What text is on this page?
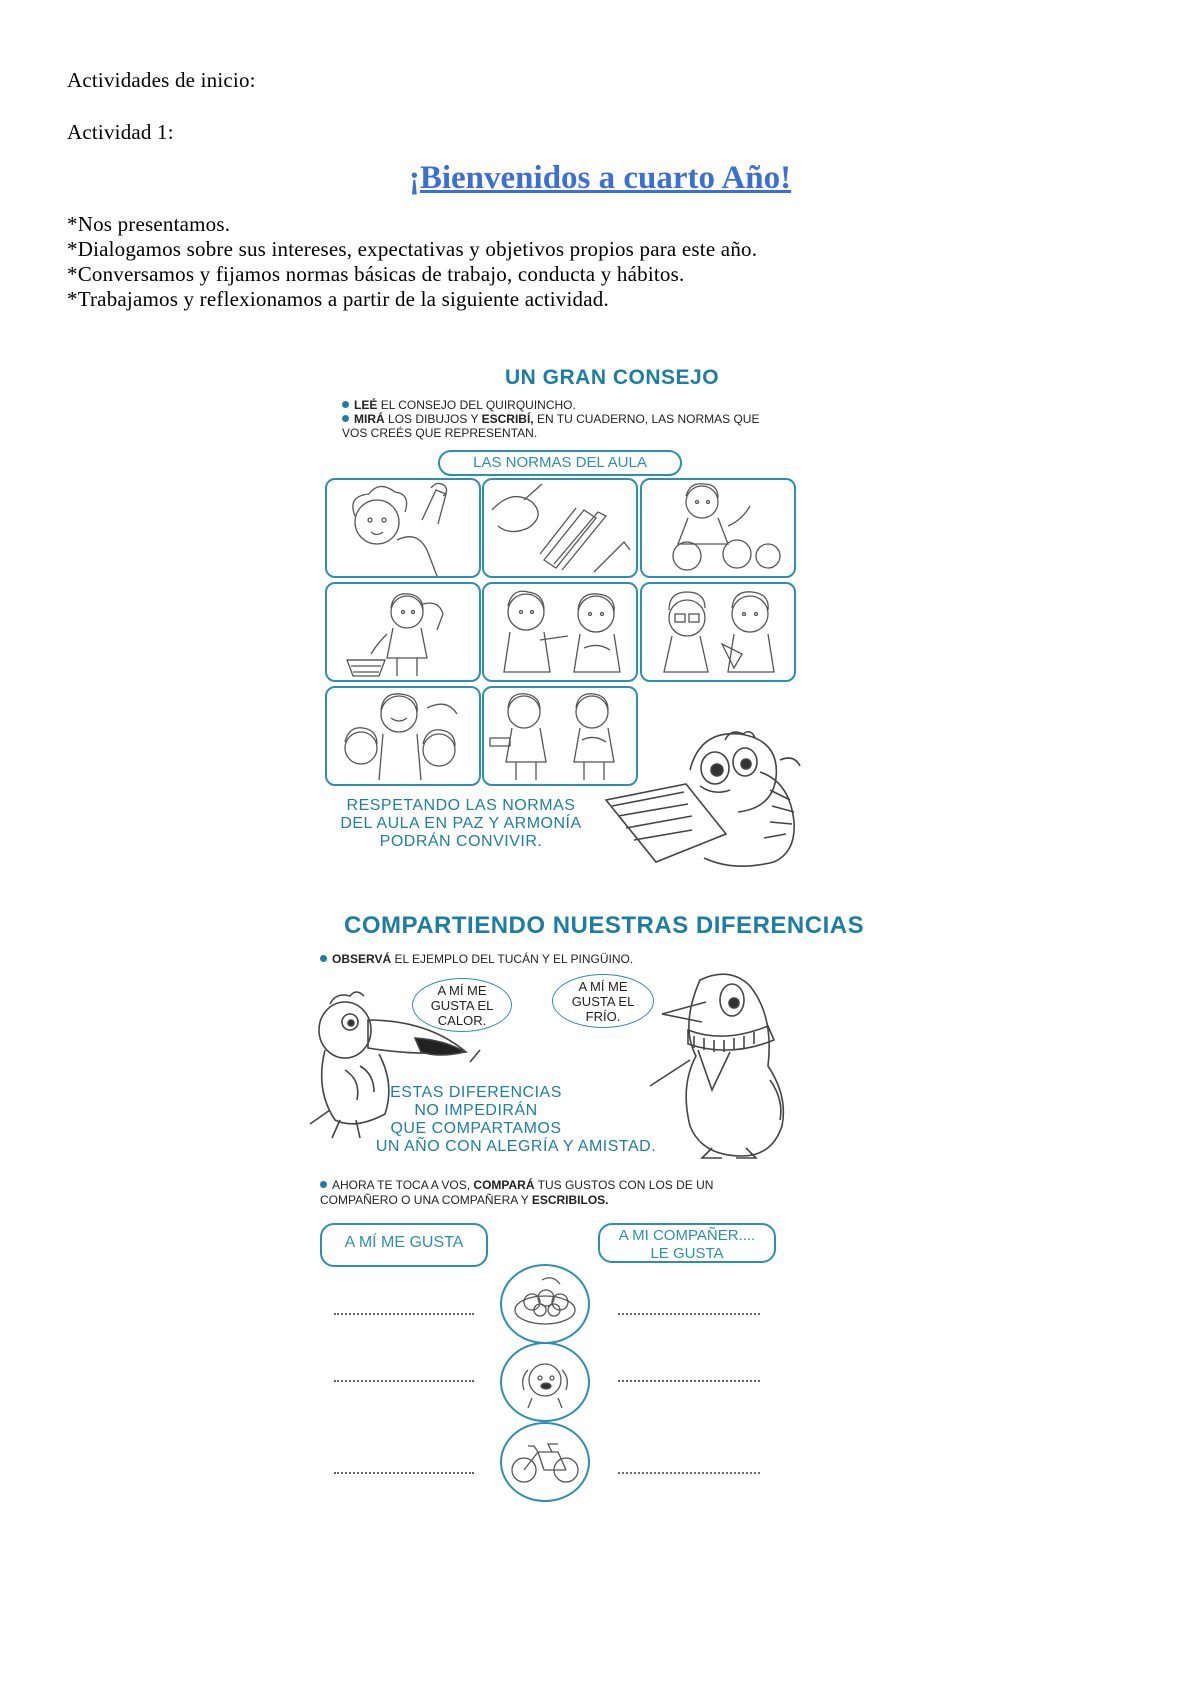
Actividades de inicio:
Actividad 1:
¡Bienvenidos a cuarto Año!
*Nos presentamos.
*Dialogamos sobre sus intereses, expectativas y objetivos propios para este año.
*Conversamos y fijamos normas básicas de trabajo, conducta y hábitos.
*Trabajamos y reflexionamos a partir de la siguiente actividad.
UN GRAN CONSEJO
LEÉ EL CONSEJO DEL QUIRQUINCHO.
MIRÁ LOS DIBUJOS Y ESCRIBÍ, EN TU CUADERNO, LAS NORMAS QUE
VOS CREÉS QUE REPRESENTAN.
LAS NORMAS DEL AULA
RESPETANDO LAS NORMAS
DEL AULA EN PAZ Y ARMONÍA
PODRÁN CONVIVIR.
COMPARTIENDO NUESTRAS DIFERENCIAS
OBSERVÁ EL EJEMPLO DEL TUCÁN Y EL PINGÜINO.
A MÍ ME
GUSTA EL
CALOR.
A MÍ ME
GUSTA EL
FRÍO.
ESTAS DIFERENCIAS
NO IMPEDIRÁN
QUE COMPARTAMOS
UN AÑO CON ALEGRÍA Y AMISTAD.
AHORA TE TOCA A VOS, COMPARÁ TUS GUSTOS CON LOS DE UN
COMPAÑERO O UNA COMPAÑERA Y ESCRIBILOS.
A MÍ ME GUSTA	A MI COMPAÑER....
LE GUSTA
